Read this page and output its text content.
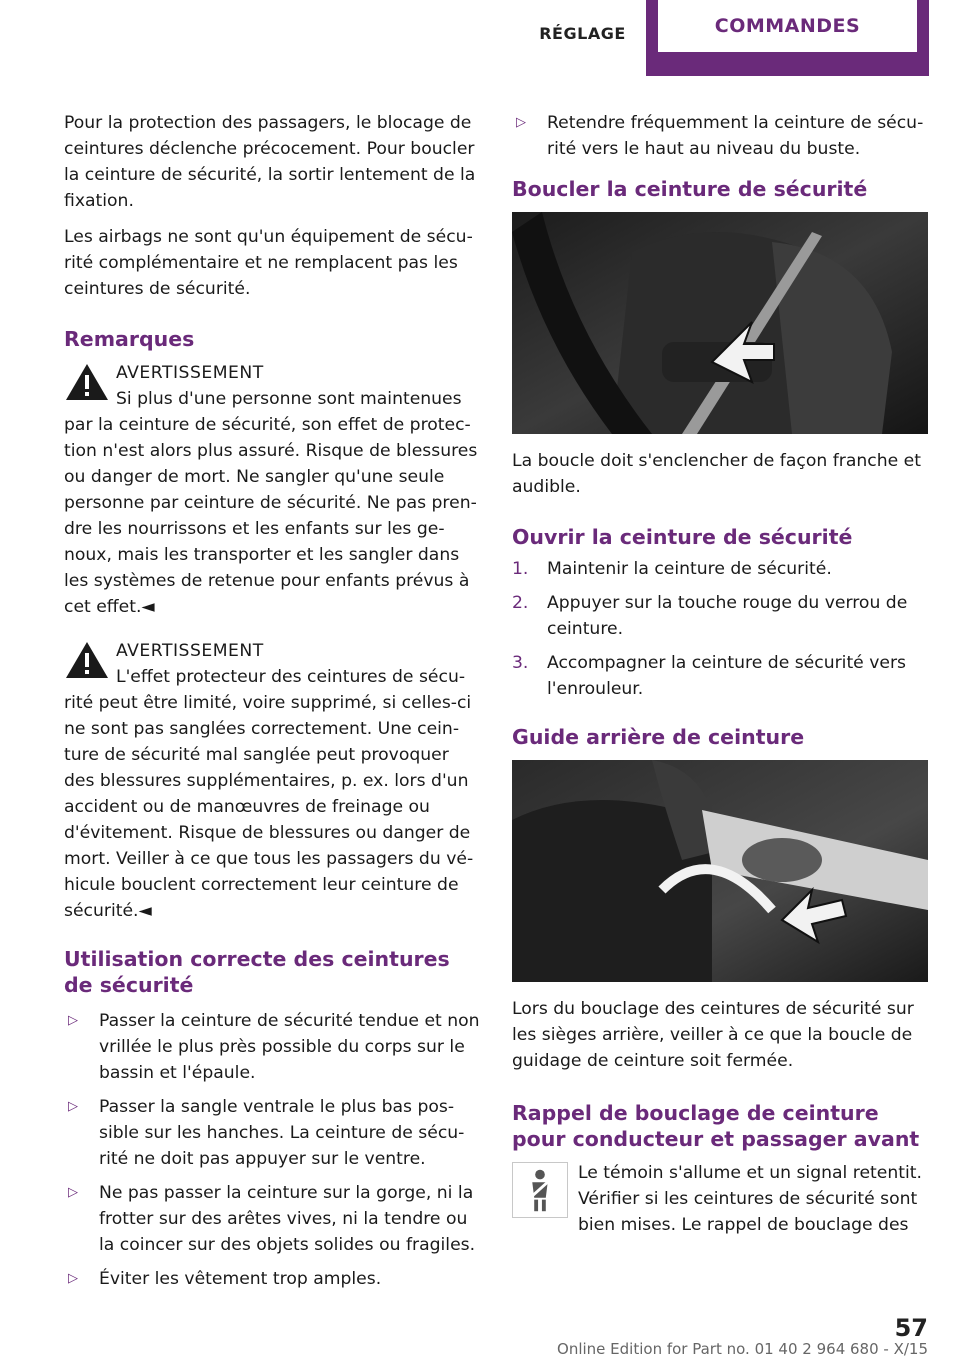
RÉGLAGE	COMMANDES

Pour la protection des passagers, le blocage de ceintures déclenche précocement. Pour boucler la ceinture de sécurité, la sortir lentement de la fixation.

Les airbags ne sont qu'un équipement de sécurité complémentaire et ne remplacent pas les ceintures de sécurité.

Remarques
AVERTISSEMENT

Si plus d'une personne sont maintenues par la ceinture de sécurité, son effet de protection n'est alors plus assuré. Risque de blessures ou danger de mort. Ne sangler qu'une seule personne par ceinture de sécurité. Ne pas prendre les nourrissons et les enfants sur les genoux, mais les transporter et les sangler dans les systèmes de retenue pour enfants prévus à cet effet.◄

AVERTISSEMENT

L'effet protecteur des ceintures de sécurité peut être limité, voire supprimé, si celles-ci ne sont pas sanglées correctement. Une ceinture de sécurité mal sanglée peut provoquer des blessures supplémentaires, p. ex. lors d'un accident ou de manœuvres de freinage ou d'évitement. Risque de blessures ou danger de mort. Veiller à ce que tous les passagers du véhicule bouclent correctement leur ceinture de sécurité.◄

Utilisation correcte des ceintures de sécurité
▷ Passer la ceinture de sécurité tendue et non vrillée le plus près possible du corps sur le bassin et l'épaule.
▷ Passer la sangle ventrale le plus bas possible sur les hanches. La ceinture de sécurité ne doit pas appuyer sur le ventre.
▷ Ne pas passer la ceinture sur la gorge, ni la frotter sur des arêtes vives, ni la tendre ou la coincer sur des objets solides ou fragiles.
▷ Éviter les vêtement trop amples.
▷ Retendre fréquemment la ceinture de sécurité vers le haut au niveau du buste.
Boucler la ceinture de sécurité

La boucle doit s'enclencher de façon franche et audible.

Ouvrir la ceinture de sécurité
1. Maintenir la ceinture de sécurité.
2. Appuyer sur la touche rouge du verrou de ceinture.
3. Accompagner la ceinture de sécurité vers l'enrouleur.
Guide arrière de ceinture

Lors du bouclage des ceintures de sécurité sur les sièges arrière, veiller à ce que la boucle de guidage de ceinture soit fermée.

Rappel de bouclage de ceinture pour conducteur et passager avant

Le témoin s'allume et un signal retentit. Vérifier si les ceintures de sécurité sont bien mises. Le rappel de bouclage des

57
Online Edition for Part no. 01 40 2 964 680 - X/15
